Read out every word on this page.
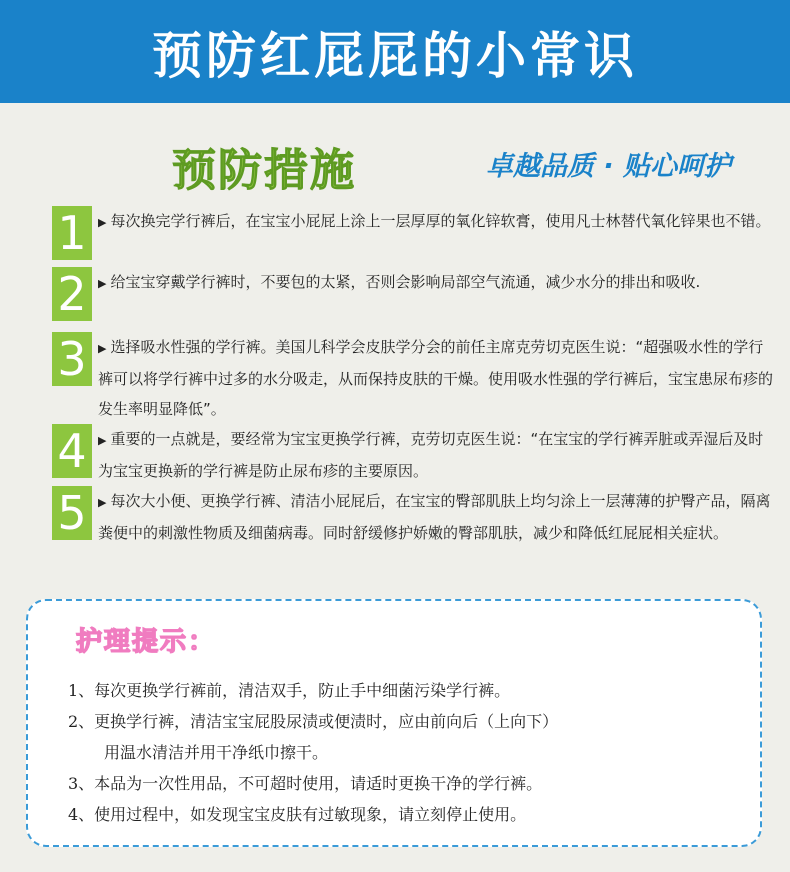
预防红屁屁的小常识
预防措施	卓越品质 · 贴心呵护
1	▶ 每次换完学行裤后，在宝宝小屁屁上涂上一层厚厚的氧化锌软膏，使用凡士林替代氧化锌果也不错。

2	▶ 给宝宝穿戴学行裤时，不要包的太紧，否则会影响局部空气流通，减少水分的排出和吸收.

3	▶ 选择吸水性强的学行裤。美国儿科学会皮肤学分会的前任主席克劳切克医生说：“超强吸水性的学行裤可以将学行裤中过多的水分吸走，从而保持皮肤的干燥。使用吸水性强的学行裤后，宝宝患尿布疹的发生率明显降低”。

4	▶ 重要的一点就是，要经常为宝宝更换学行裤，克劳切克医生说：“在宝宝的学行裤弄脏或弄湿后及时为宝宝更换新的学行裤是防止尿布疹的主要原因。

5	▶ 每次大小便、更换学行裤、清洁小屁屁后，在宝宝的臀部肌肤上均匀涂上一层薄薄的护臀产品，隔离粪便中的刺激性物质及细菌病毒。同时舒缓修护娇嫩的臀部肌肤，减少和降低红屁屁相关症状。

护理提示：
1、每次更换学行裤前，清洁双手，防止手中细菌污染学行裤。
2、更换学行裤，清洁宝宝屁股尿渍或便渍时，应由前向后（上向下）
用温水清洁并用干净纸巾擦干。
3、本品为一次性用品，不可超时使用，请适时更换干净的学行裤。
4、使用过程中，如发现宝宝皮肤有过敏现象，请立刻停止使用。
